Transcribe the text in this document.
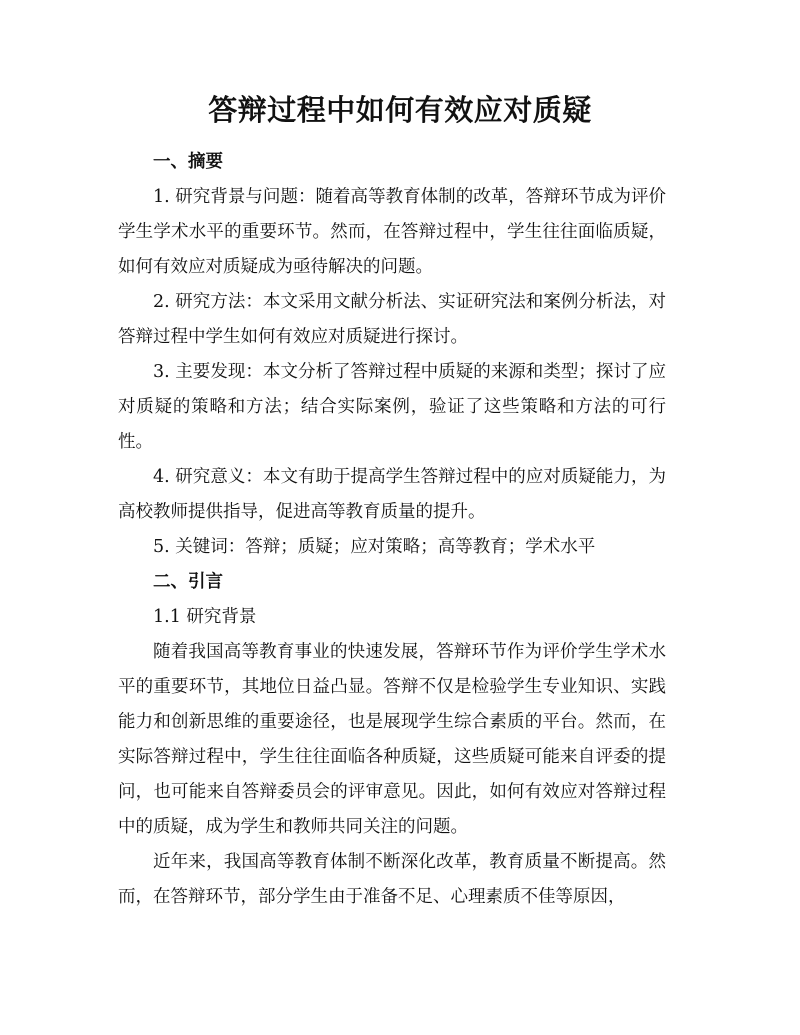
答辩过程中如何有效应对质疑
一、摘要
1. 研究背景与问题：随着高等教育体制的改革，答辩环节成为评价学生学术水平的重要环节。然而，在答辩过程中，学生往往面临质疑，如何有效应对质疑成为亟待解决的问题。
2. 研究方法：本文采用文献分析法、实证研究法和案例分析法，对答辩过程中学生如何有效应对质疑进行探讨。
3. 主要发现：本文分析了答辩过程中质疑的来源和类型；探讨了应对质疑的策略和方法；结合实际案例，验证了这些策略和方法的可行性。
4. 研究意义：本文有助于提高学生答辩过程中的应对质疑能力，为高校教师提供指导，促进高等教育质量的提升。
5. 关键词：答辩；质疑；应对策略；高等教育；学术水平
二、引言
1.1 研究背景
随着我国高等教育事业的快速发展，答辩环节作为评价学生学术水平的重要环节，其地位日益凸显。答辩不仅是检验学生专业知识、实践能力和创新思维的重要途径，也是展现学生综合素质的平台。然而，在实际答辩过程中，学生往往面临各种质疑，这些质疑可能来自评委的提问，也可能来自答辩委员会的评审意见。因此，如何有效应对答辩过程中的质疑，成为学生和教师共同关注的问题。
近年来，我国高等教育体制不断深化改革，教育质量不断提高。然而，在答辩环节，部分学生由于准备不足、心理素质不佳等原因，
